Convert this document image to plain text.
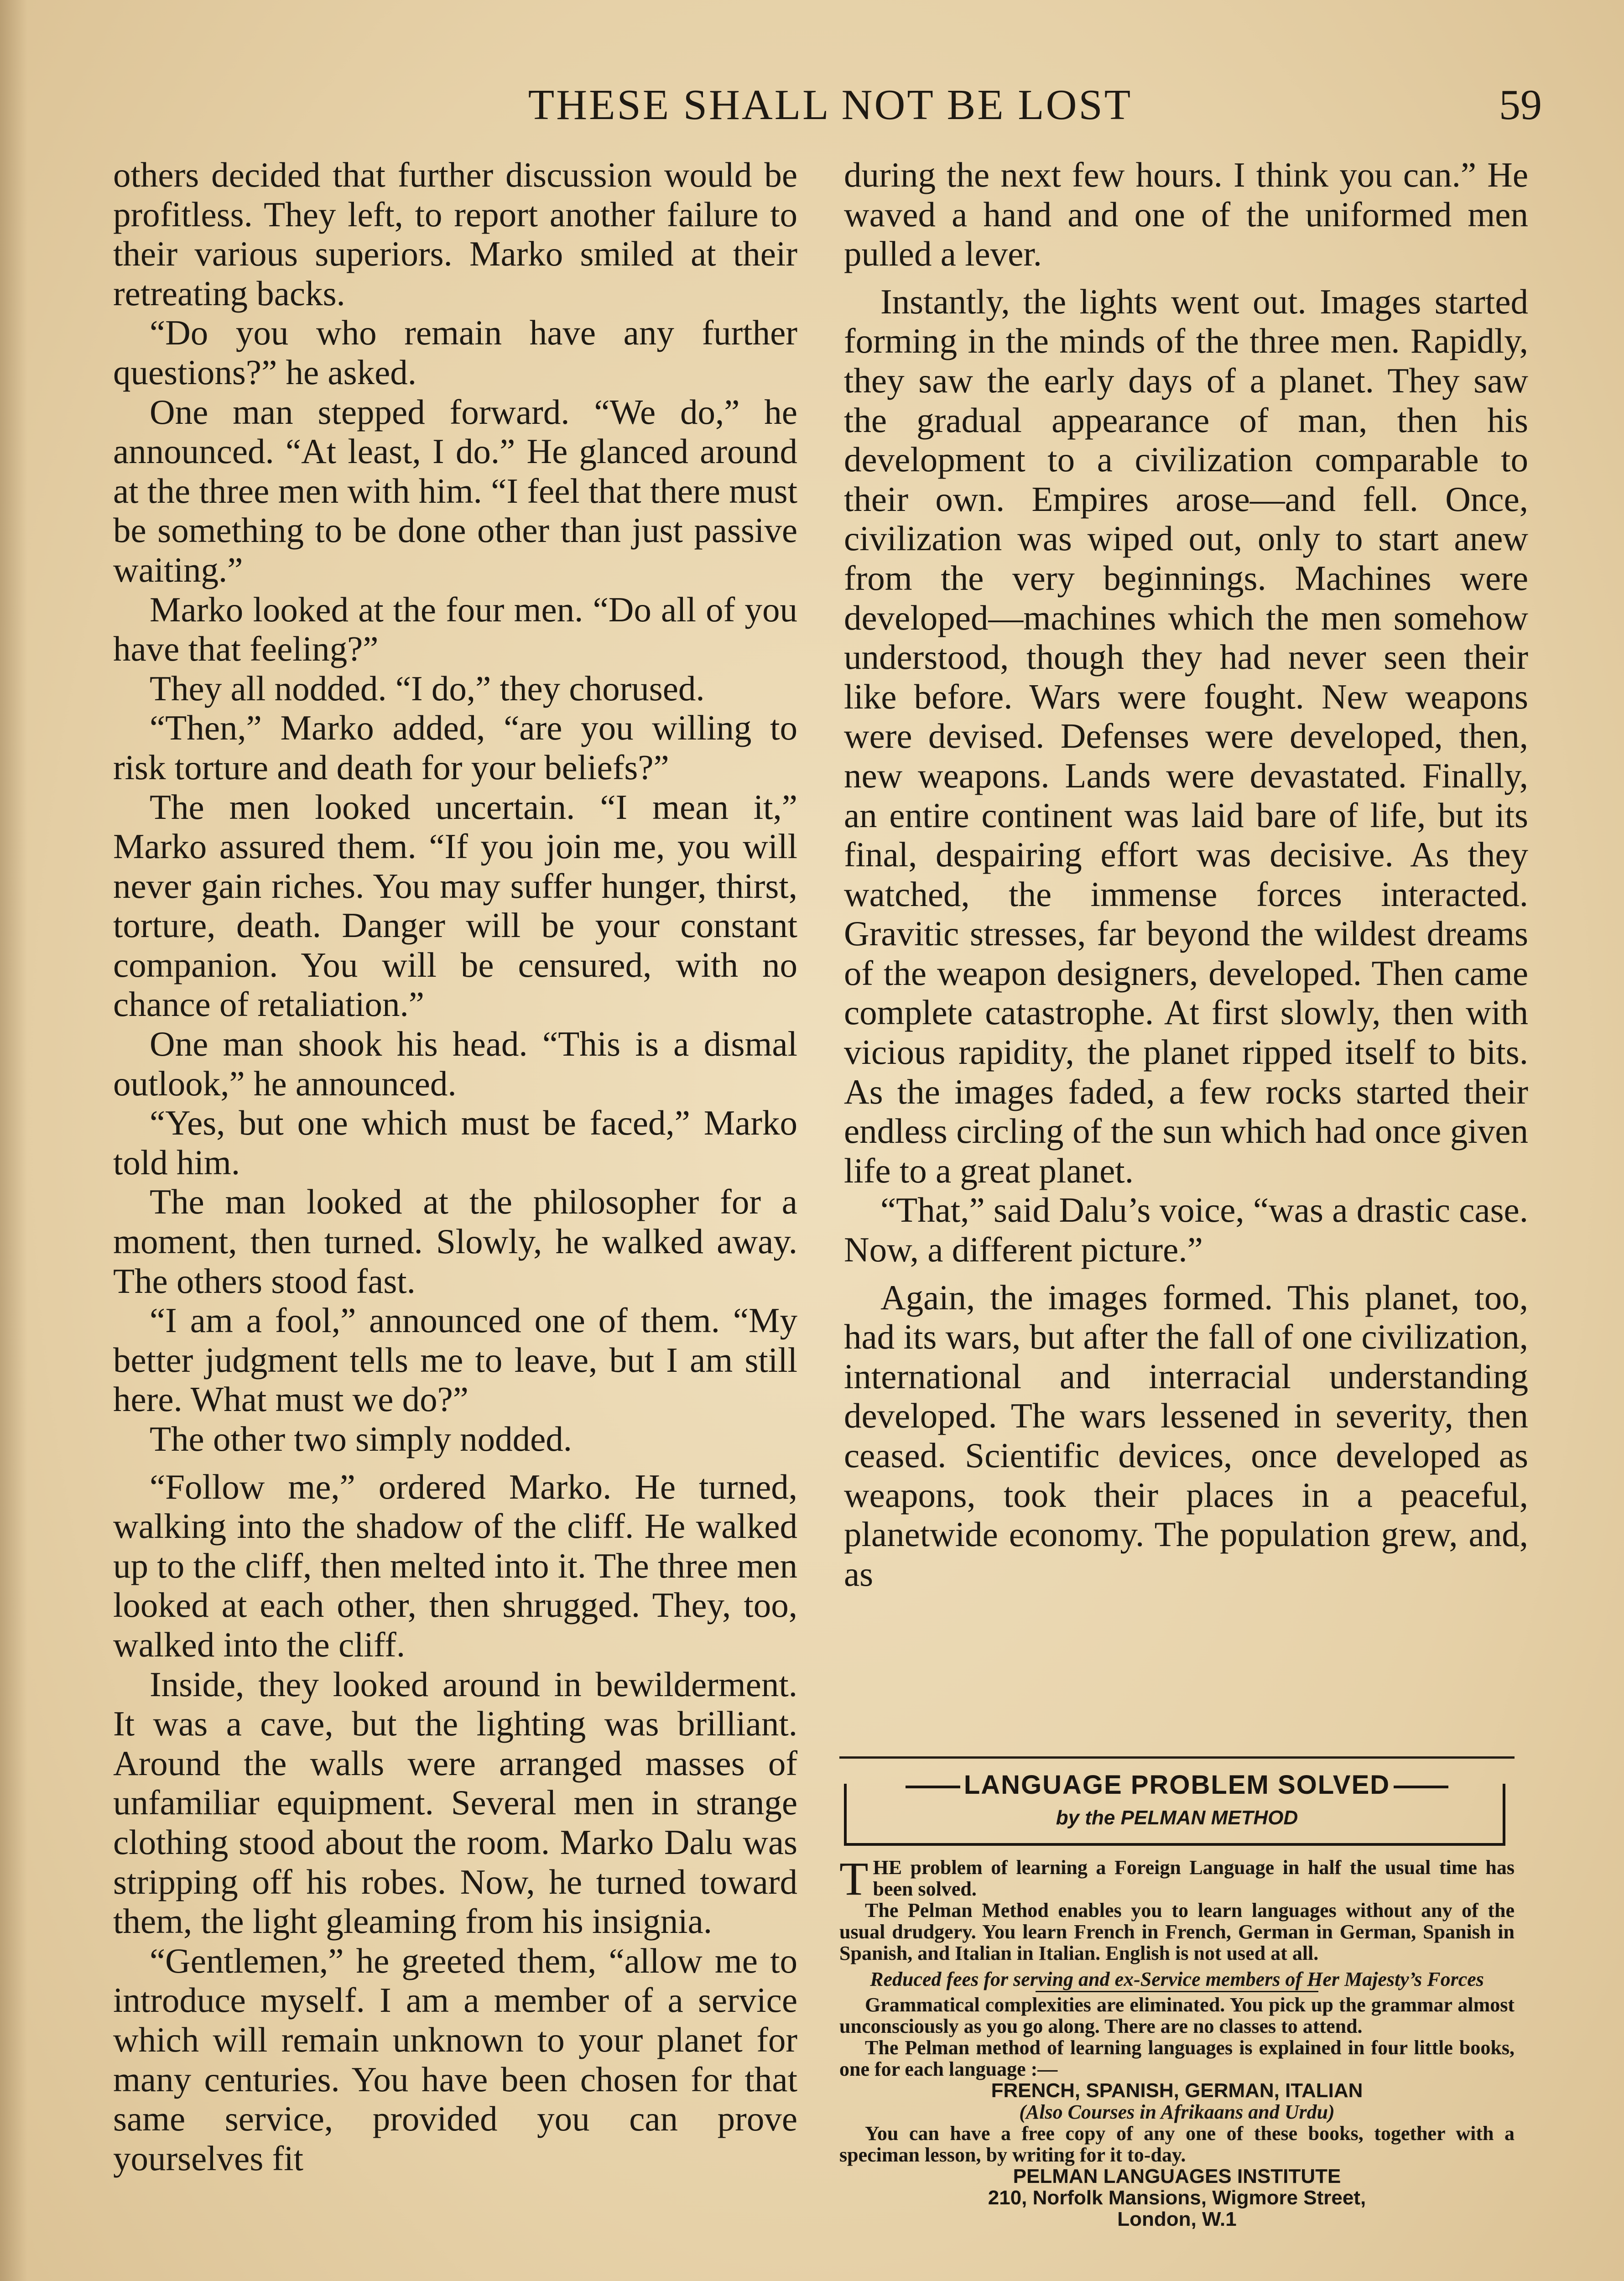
THESE SHALL NOT BE LOST	59

others decided that further discussion would be profitless. They left, to report another failure to their various superiors. Marko smiled at their retreating backs.

“Do you who remain have any further questions?” he asked.

One man stepped forward. “We do,” he announced. “At least, I do.” He glanced around at the three men with him. “I feel that there must be something to be done other than just passive waiting.”

Marko looked at the four men. “Do all of you have that feeling?”

They all nodded. “I do,” they chorused.

“Then,” Marko added, “are you willing to risk torture and death for your beliefs?”

The men looked uncertain. “I mean it,” Marko assured them. “If you join me, you will never gain riches. You may suffer hunger, thirst, torture, death. Danger will be your constant companion. You will be censured, with no chance of retaliation.”

One man shook his head. “This is a dismal outlook,” he announced.

“Yes, but one which must be faced,” Marko told him.

The man looked at the philosopher for a moment, then turned. Slowly, he walked away. The others stood fast.

“I am a fool,” announced one of them. “My better judgment tells me to leave, but I am still here. What must we do?”

The other two simply nodded.

“Follow me,” ordered Marko. He turned, walking into the shadow of the cliff. He walked up to the cliff, then melted into it. The three men looked at each other, then shrugged. They, too, walked into the cliff.

Inside, they looked around in bewilderment. It was a cave, but the lighting was brilliant. Around the walls were arranged masses of unfamiliar equipment. Several men in strange clothing stood about the room. Marko Dalu was stripping off his robes. Now, he turned toward them, the light gleaming from his insignia.

“Gentlemen,” he greeted them, “allow me to introduce myself. I am a member of a service which will remain unknown to your planet for many centuries. You have been chosen for that same service, provided you can prove yourselves fit

during the next few hours. I think you can.” He waved a hand and one of the uniformed men pulled a lever.

Instantly, the lights went out. Images started forming in the minds of the three men. Rapidly, they saw the early days of a planet. They saw the gradual appearance of man, then his development to a civilization comparable to their own. Empires arose—and fell. Once, civilization was wiped out, only to start anew from the very beginnings. Machines were developed—machines which the men somehow understood, though they had never seen their like before. Wars were fought. New weapons were devised. Defenses were developed, then, new weapons. Lands were devastated. Finally, an entire continent was laid bare of life, but its final, despairing effort was decisive. As they watched, the immense forces interacted. Gravitic stresses, far beyond the wildest dreams of the weapon designers, developed. Then came complete catastrophe. At first slowly, then with vicious rapidity, the planet ripped itself to bits. As the images faded, a few rocks started their endless circling of the sun which had once given life to a great planet.

“That,” said Dalu’s voice, “was a drastic case. Now, a different picture.”

Again, the images formed. This planet, too, had its wars, but after the fall of one civilization, international and interracial understanding developed. The wars lessened in severity, then ceased. Scientific devices, once developed as weapons, took their places in a peaceful, planetwide economy. The population grew, and, as

LANGUAGE PROBLEM SOLVED
by the PELMAN METHOD

THE problem of learning a Foreign Language in half the usual time has been solved.

The Pelman Method enables you to learn languages without any of the usual drudgery. You learn French in French, German in German, Spanish in Spanish, and Italian in Italian. English is not used at all.

Reduced fees for serving and ex-Service members of Her Majesty’s Forces

Grammatical complexities are eliminated. You pick up the grammar almost unconsciously as you go along. There are no classes to attend.

The Pelman method of learning languages is explained in four little books, one for each language :—

FRENCH, SPANISH, GERMAN, ITALIAN

(Also Courses in Afrikaans and Urdu)

You can have a free copy of any one of these books, together with a speciman lesson, by writing for it to-day.

PELMAN LANGUAGES INSTITUTE

210, Norfolk Mansions, Wigmore Street,

London, W.1
